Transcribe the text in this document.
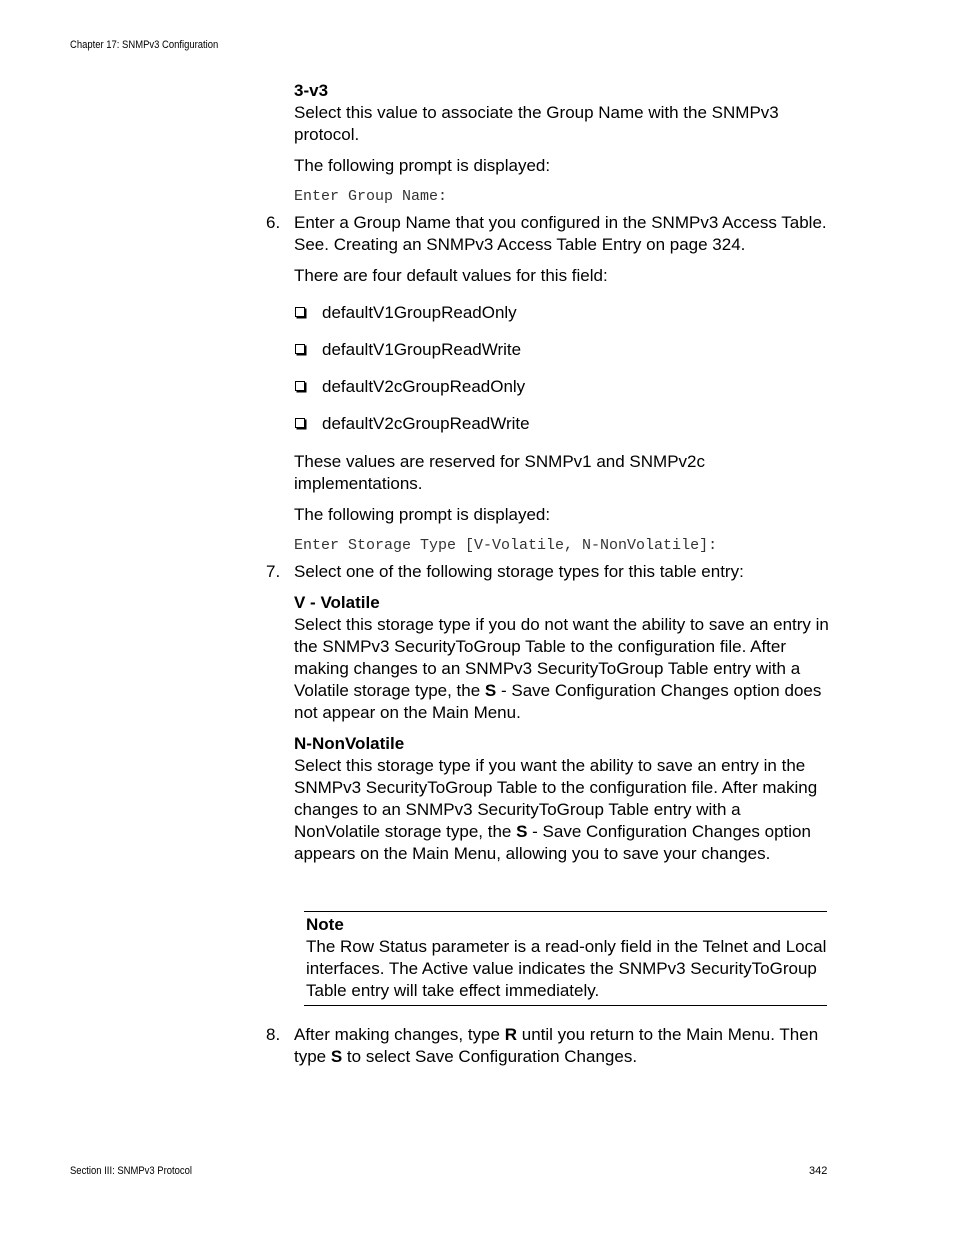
Chapter 17: SNMPv3 Configuration

3-v3

Select this value to associate the Group Name with the SNMPv3 protocol.

The following prompt is displayed:

Enter Group Name:

6. Enter a Group Name that you configured in the SNMPv3 Access Table. See. Creating an SNMPv3 Access Table Entry on page 324.

There are four default values for this field:

defaultV1GroupReadOnly
defaultV1GroupReadWrite
defaultV2cGroupReadOnly
defaultV2cGroupReadWrite

These values are reserved for SNMPv1 and SNMPv2c implementations.

The following prompt is displayed:

Enter Storage Type [V-Volatile, N-NonVolatile]:

7. Select one of the following storage types for this table entry:

V - Volatile

Select this storage type if you do not want the ability to save an entry in the SNMPv3 SecurityToGroup Table to the configuration file. After making changes to an SNMPv3 SecurityToGroup Table entry with a Volatile storage type, the S - Save Configuration Changes option does not appear on the Main Menu.

N-NonVolatile

Select this storage type if you want the ability to save an entry in the SNMPv3 SecurityToGroup Table to the configuration file. After making changes to an SNMPv3 SecurityToGroup Table entry with a NonVolatile storage type, the S - Save Configuration Changes option appears on the Main Menu, allowing you to save your changes.

Note
The Row Status parameter is a read-only field in the Telnet and Local interfaces. The Active value indicates the SNMPv3 SecurityToGroup Table entry will take effect immediately.
8. After making changes, type R until you return to the Main Menu. Then type S to select Save Configuration Changes.

Section III: SNMPv3 Protocol	342
